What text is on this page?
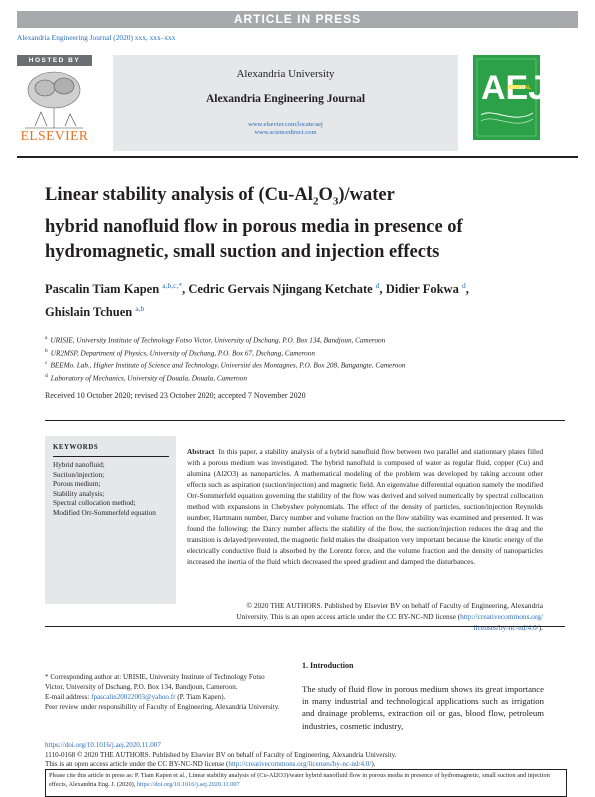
ARTICLE IN PRESS
Alexandria Engineering Journal (2020) xxx, xxx–xxx
HOSTED BY
ELSEVIER
Alexandria University
Alexandria Engineering Journal
www.elsevier.com/locate/aej
www.sciencedirect.com
AEJ
JOURNAL
Linear stability analysis of $(Cu-Al_2O_3)$/water
hybrid nanofluid flow in porous media in presence of
hydromagnetic, small suction and injection effects
Pascalin Tiam Kapen $^{a,b,c,*}$, Cedric Gervais Njingang Ketchate $^d$, Didier Fokwa $^d$,
Ghislain Tchuen $^{a,b}$
$^a$ URISIE, University Institute of Technology Fotso Victor, University of Dschang, P.O. Box 134, Bandjoun, Cameroon
$^b$ UR2MSP, Department of Physics, University of Dschang, P.O. Box 67, Dschang, Cameroon
$^c$ BEEMo. Lab., Higher Institute of Science and Technology, Université des Montagnes, P.O. Box 208, Bangangte, Cameroon
$^d$ Laboratory of Mechanics, University of Douala, Douala, Cameroon
Received 10 October 2020; revised 23 October 2020; accepted 7 November 2020
KEYWORDS
Hybrid nanofluid;
Suction/injection;
Porous medium;
Stability analysis;
Spectral collocation method;
Modified Orr-Sommerfeld equation
Abstract In this paper, a stability analysis of a hybrid nanofluid flow between two parallel and stationnary plates filled with a porous medium was investigated. The hybrid nanofluid is composed of water as regular fluid, copper (Cu) and alumina (Al2O3) as nanoparticles. A mathematical modeling of the problem was developed by taking account other effects such as aspiration (suction/injection) and magnetic field. An eigenvalue differential equation namely the modified Orr-Sommerfeld equation governing the stability of the flow was derived and solved numerically by spectral collocation method with expansions in Chebyshev polynomials. The effect of the density of particles, suction/injection Reynolds number, Hartmann number, Darcy number and volume fraction on the flow stability was examined and presented. It was found the following: the Darcy number affects the stability of the flow, the suction/injection reduces the drag and the transition is delayed/prevented, the magnetic field makes the dissipation very important because the kinetic energy of the electrically conductive fluid is absorbed by the Lorentz force, and the volume fraction and the density of nanoparticles increased the inertia of the fluid which decreased the speed gradient and damped the disturbances.
© 2020 THE AUTHORS. Published by Elsevier BV on behalf of Faculty of Engineering, Alexandria
University. This is an open access article under the CC BY-NC-ND license (http://creativecommons.org/
licenses/by-nc-nd/4.0/).
* Corresponding author at: URISIE, University Institute of Technology Fotso Victor, University of Dschang, P.O. Box 134, Bandjoun, Cameroon.
E-mail address: fpascalin20022003@yahoo.fr (P. Tiam Kapen).
Peer review under responsibility of Faculty of Engineering, Alexandria University.
1. Introduction
The study of fluid flow in porous medium shows its great importance in many industrial and technological applications such as irrigation and drainage problems, extraction oil or gas, blood flow, petroleum industries, cosmetic industry,
https://doi.org/10.1016/j.aej.2020.11.007
1110-0168 © 2020 THE AUTHORS. Published by Elsevier BV on behalf of Faculty of Engineering, Alexandria University.
This is an open access article under the CC BY-NC-ND license (http://creativecommons.org/licenses/by-nc-nd/4.0/).
Please cite this article in press as: P. Tiam Kapen et al., Linear stability analysis of (Cu-Al2O3)/water hybrid nanofluid flow in porous media in presence of hydromagnetic, small suction and injection effects, Alexandria Eng. J. (2020), https://doi.org/10.1016/j.aej.2020.11.007
